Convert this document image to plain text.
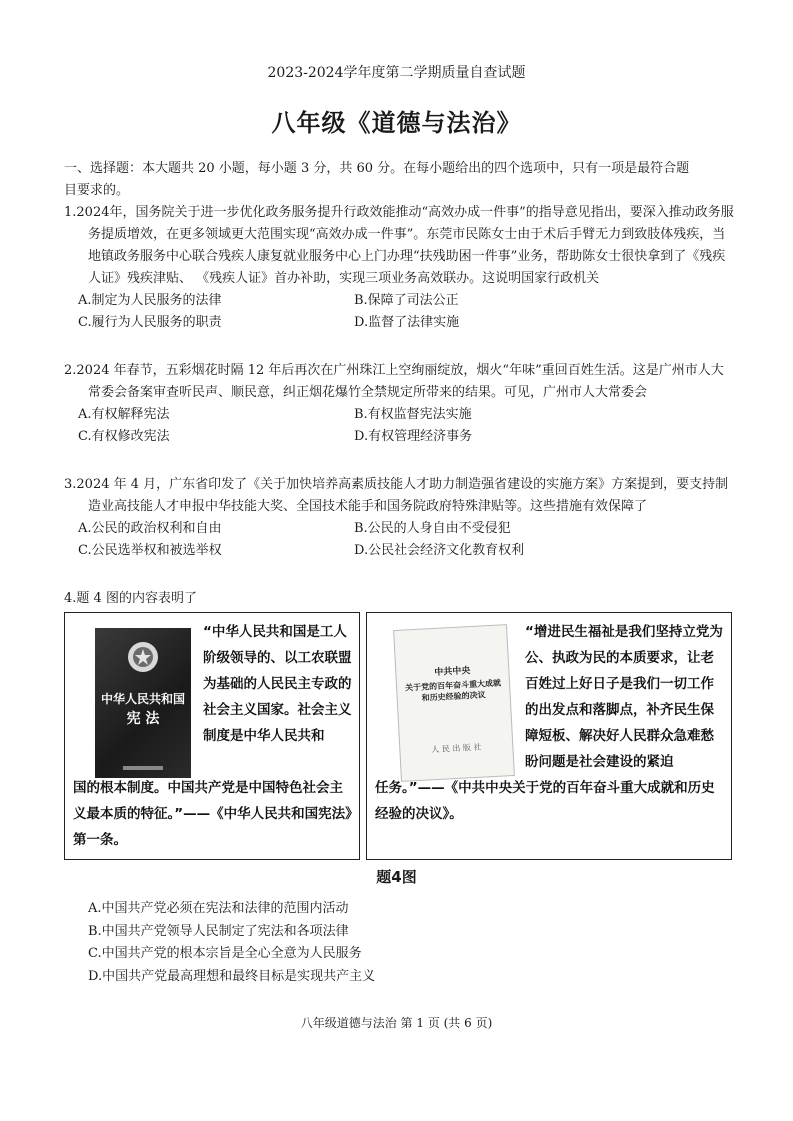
2023-2024学年度第二学期质量自查试题
八年级《道德与法治》
一、选择题：本大题共 20 小题，每小题 3 分，共 60 分。在每小题给出的四个选项中，只有一项是最符合题
目要求的。
1.2024年，国务院关于进一步优化政务服务提升行政效能推动“高效办成一件事”的指导意见指出，要深入推动政务服务提质增效，在更多领域更大范围实现“高效办成一件事”。东莞市民陈女士由于术后手臂无力到致肢体残疾，当地镇政务服务中心联合残疾人康复就业服务中心上门办理“扶残助困一件事”业务，帮助陈女士很快拿到了《残疾人证》残疾津贴、 《残疾人证》首办补助，实现三项业务高效联办。这说明国家行政机关
A.制定为人民服务的法律	B.保障了司法公正
C.履行为人民服务的职责	D.监督了法律实施
2.2024 年春节，五彩烟花时隔 12 年后再次在广州珠江上空绚丽绽放，烟火“年味”重回百姓生活。这是广州市人大常委会备案审查听民声、顺民意，纠正烟花爆竹全禁规定所带来的结果。可见，广州市人大常委会
A.有权解释宪法	B.有权监督宪法实施
C.有权修改宪法	D.有权管理经济事务
3.2024 年 4 月，广东省印发了《关于加快培养高素质技能人才助力制造强省建设的实施方案》方案提到，要支持制造业高技能人才申报中华技能大奖、全国技术能手和国务院政府特殊津贴等。这些措施有效保障了
A.公民的政治权利和自由	B.公民的人身自由不受侵犯
C.公民选举权和被选举权	D.公民社会经济文化教育权利
4.题 4 图的内容表明了
中华人民共和国
宪 法
“中华人民共和国是工人阶级领导的、以工农联盟为基础的人民民主专政的社会主义国家。社会主义制度是中华人民共和
国的根本制度。中国共产党是中国特色社会主义最本质的特征。”——《中华人民共和国宪法》第一条。
中共中央
关于党的百年奋斗重大成就和历史经验的决议
人 民 出 版 社
“增进民生福祉是我们坚持立党为公、执政为民的本质要求，让老百姓过上好日子是我们一切工作的出发点和落脚点，补齐民生保障短板、解决好人民群众急难愁盼问题是社会建设的紧迫
任务。”——《中共中央关于党的百年奋斗重大成就和历史经验的决议》。
题4图
A.中国共产党必须在宪法和法律的范围内活动
B.中国共产党领导人民制定了宪法和各项法律
C.中国共产党的根本宗旨是全心全意为人民服务
D.中国共产党最高理想和最终目标是实现共产主义
八年级道德与法治 第 1 页 (共 6 页)
